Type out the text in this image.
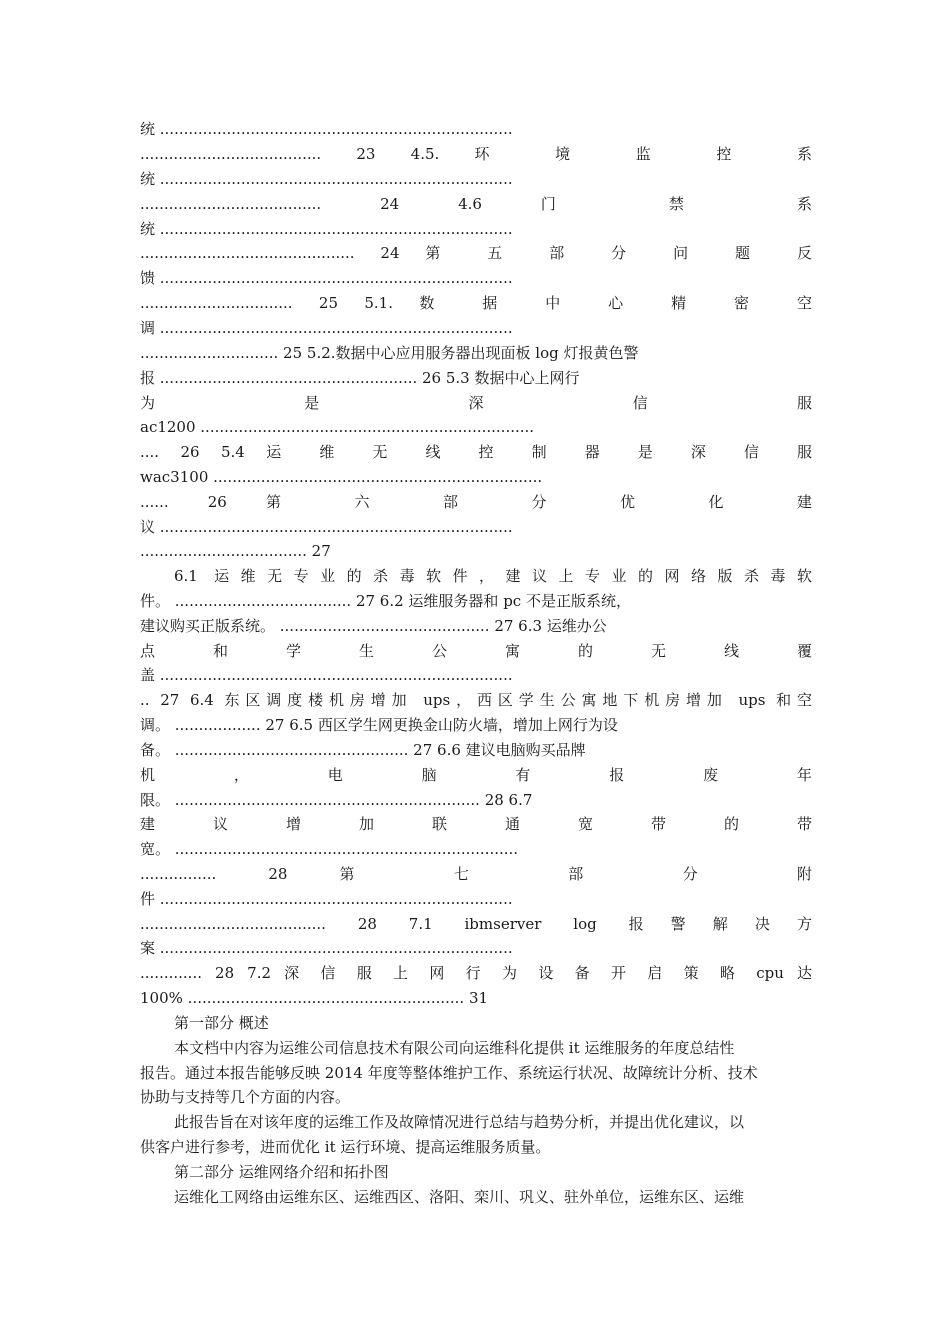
统 ..........................................................................
...................................... 23 4.5. 环 境 监 控 系
统 ..........................................................................
...................................... 24 4.6 门 禁 系
统 ..........................................................................
............................................. 24 第 五 部 分 问 题 反
馈 ..........................................................................
................................ 25 5.1. 数 据 中 心 精 密 空
调 ..........................................................................
............................. 25 5.2.数据中心应用服务器出现面板 log 灯报黄色警
报 ...................................................... 26 5.3 数据中心上网行
为 是 深 信 服
ac1200 ......................................................................
.... 26 5.4 运 维 无 线 控 制 器 是 深 信 服
wac3100 .....................................................................
...... 26 第 六 部 分 优 化 建
议 ..........................................................................
................................... 27
6.1 运维无专业的杀毒软件，建议上专业的网络版杀毒软
件。 ..................................... 27 6.2 运维服务器和 pc 不是正版系统，
建议购买正版系统。 ............................................ 27 6.3 运维办公
点 和 学 生 公 寓 的 无 线 覆
盖 ..........................................................................
.. 27 6.4 东区调度楼机房增加 ups，西区学生公寓地下机房增加 ups 和空
调。 .................. 27 6.5 西区学生网更换金山防火墙，增加上网行为设
备。 ................................................. 27 6.6 建议电脑购买品牌
机 ， 电 脑 有 报 废 年
限。 ................................................................ 28 6.7
建 议 增 加 联 通 宽 带 的 带
宽。 ........................................................................
................ 28 第 七 部 分 附
件 ..........................................................................
....................................... 28 7.1 ibmserver log 报警解决方
案 ..........................................................................
............. 28 7.2 深 信 服 上 网 行 为 设 备 开 启 策 略 cpu 达
100% .......................................................... 31
第一部分 概述
本文档中内容为运维公司信息技术有限公司向运维科化提供 it 运维服务的年度总结性
报告。通过本报告能够反映 2014 年度等整体维护工作、系统运行状况、故障统计分析、技术
协助与支持等几个方面的内容。
此报告旨在对该年度的运维工作及故障情况进行总结与趋势分析，并提出优化建议，以
供客户进行参考，进而优化 it 运行环境、提高运维服务质量。
第二部分 运维网络介绍和拓扑图
运维化工网络由运维东区、运维西区、洛阳、栾川、巩义、驻外单位，运维东区、运维
